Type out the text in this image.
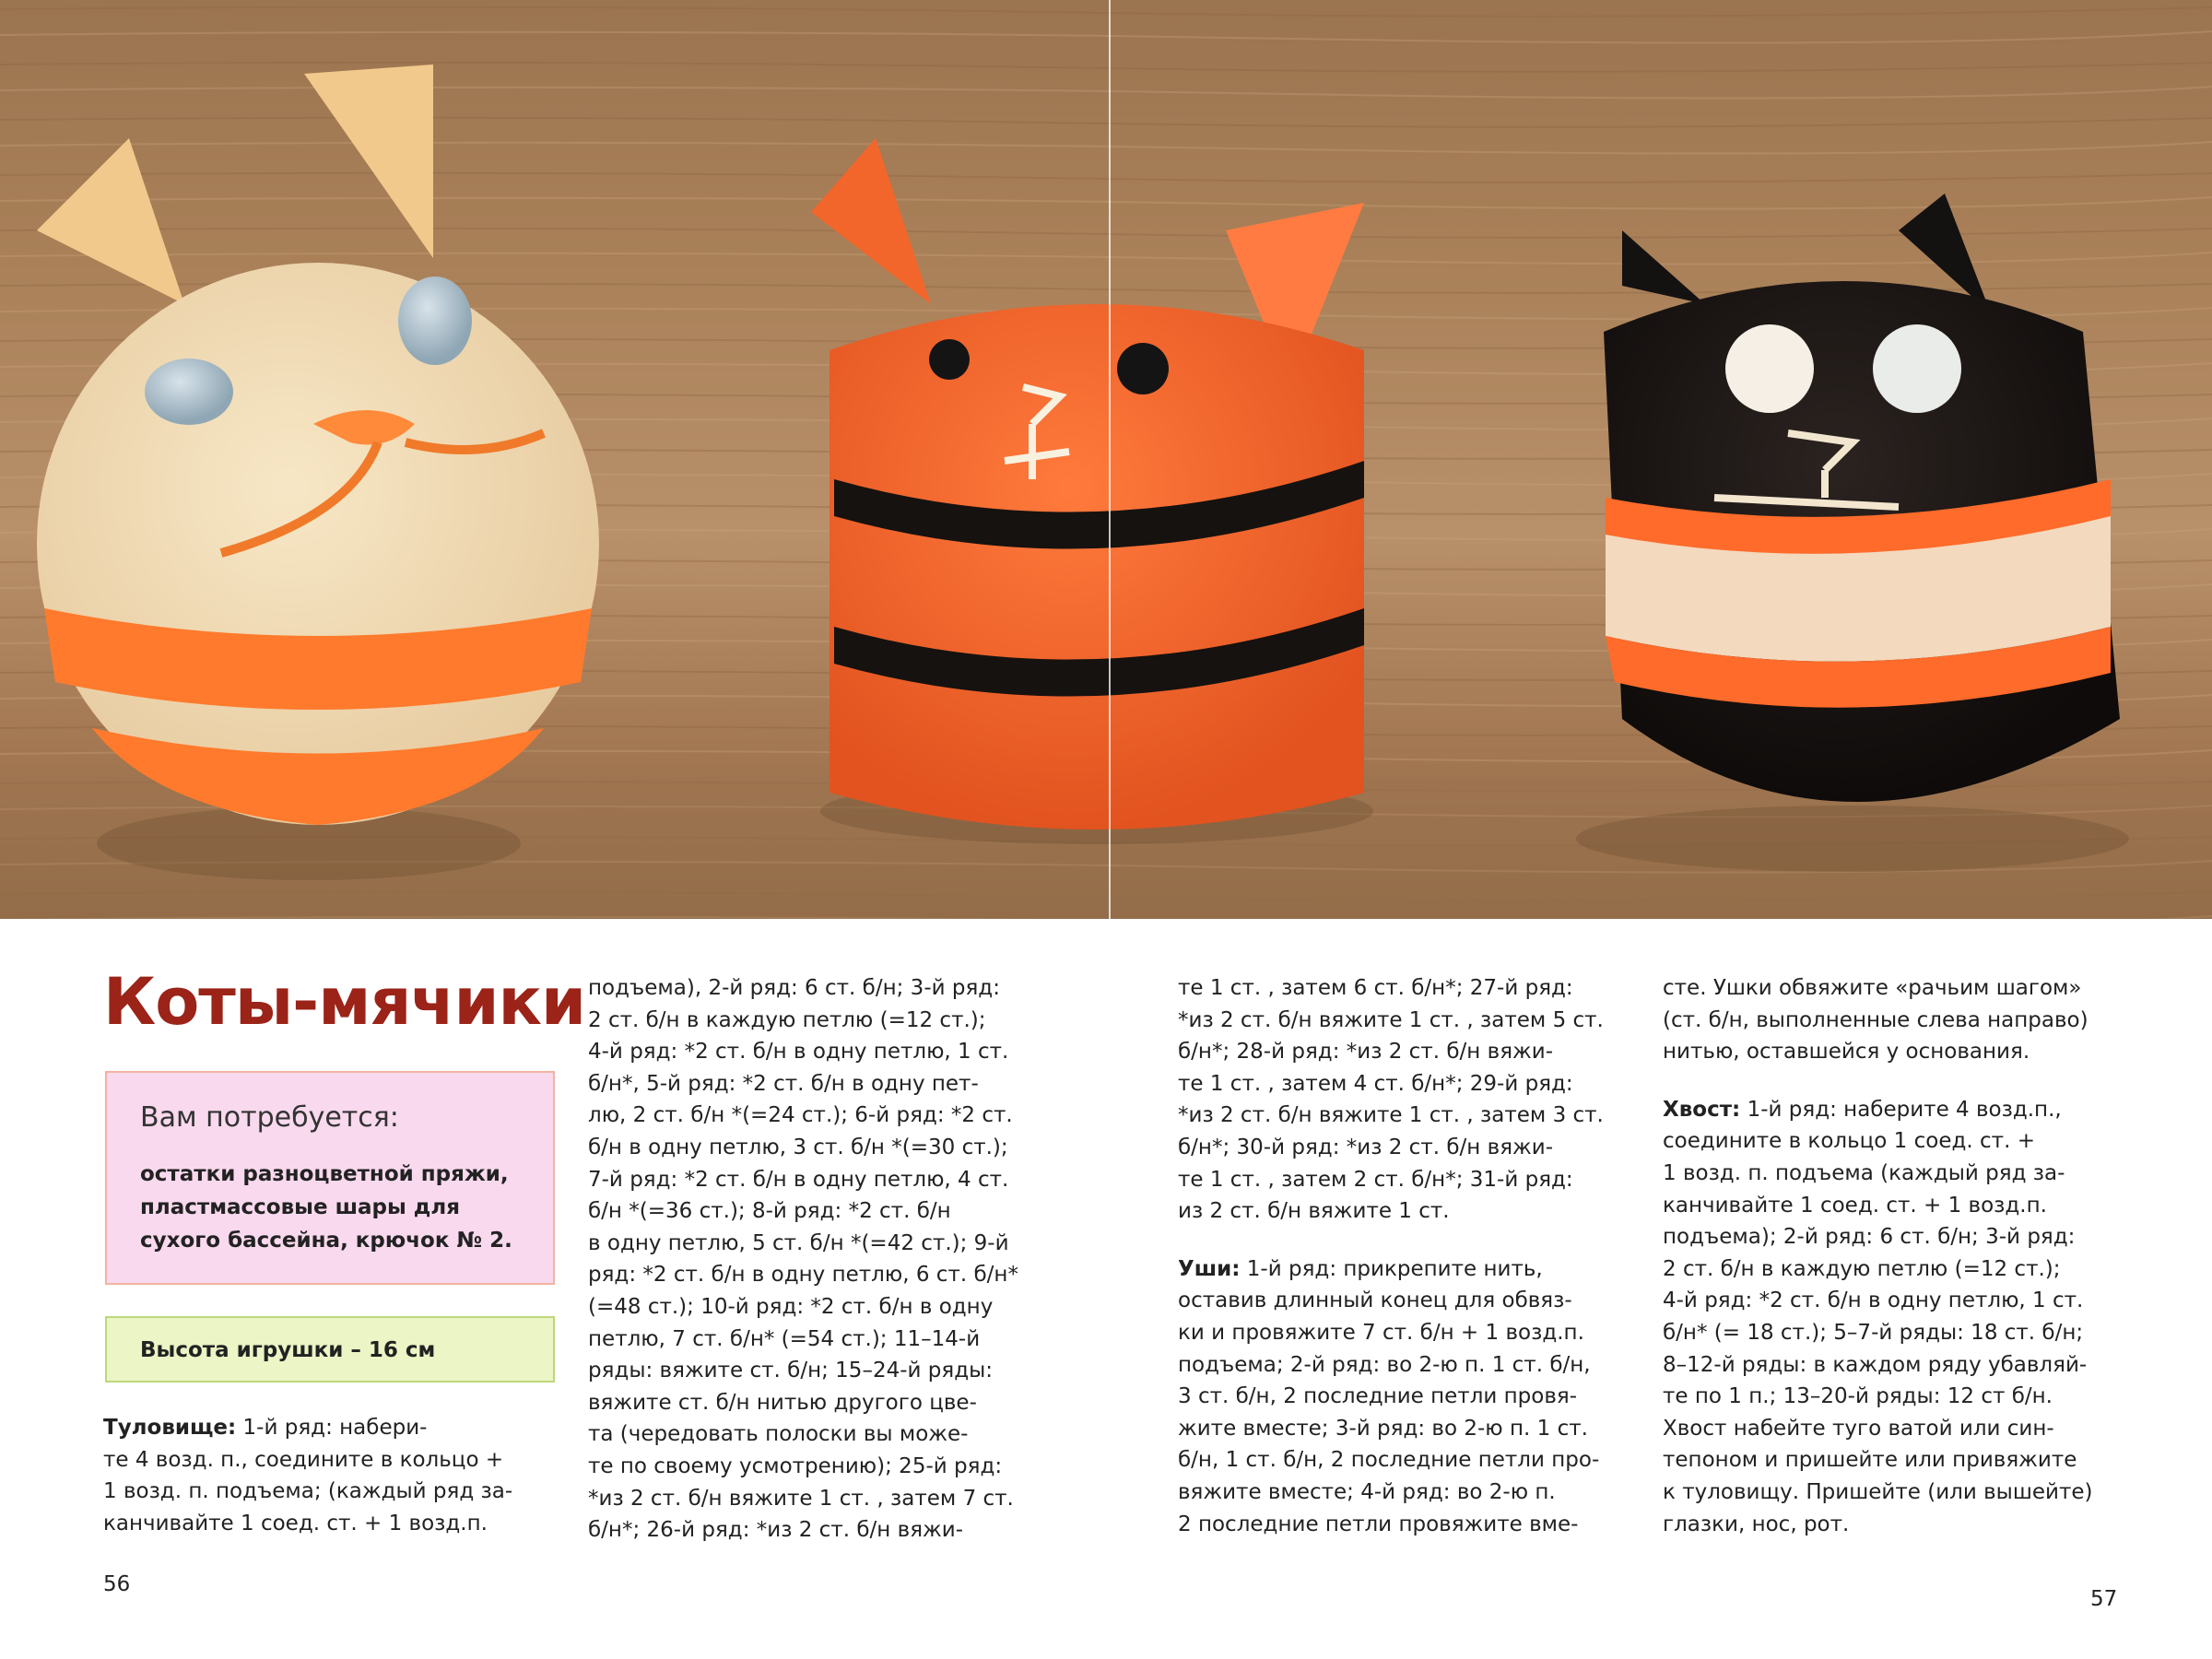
Коты-мячики
Вам потребуется:
остатки разноцветной пряжи,
пластмассовые шары для
сухого бассейна, крючок № 2.
Высота игрушки – 16 см

Туловище: 1-й ряд: набери-

те 4 возд. п., соедините в кольцо +

1 возд. п. подъема; (каждый ряд за-

канчивайте 1 соед. ст. + 1 возд.п.

подъема), 2-й ряд: 6 ст. б/н; 3-й ряд:

2 ст. б/н в каждую петлю (=12 ст.);

4-й ряд: *2 ст. б/н в одну петлю, 1 ст.

б/н*, 5-й ряд: *2 ст. б/н в одну пет-

лю, 2 ст. б/н *(=24 ст.); 6-й ряд: *2 ст.

б/н в одну петлю, 3 ст. б/н *(=30 ст.);

7-й ряд: *2 ст. б/н в одну петлю, 4 ст.

б/н *(=36 ст.); 8-й ряд: *2 ст. б/н

в одну петлю, 5 ст. б/н *(=42 ст.); 9-й

ряд: *2 ст. б/н в одну петлю, 6 ст. б/н*

(=48 ст.); 10-й ряд: *2 ст. б/н в одну

петлю, 7 ст. б/н* (=54 ст.); 11–14-й

ряды: вяжите ст. б/н; 15–24-й ряды:

вяжите ст. б/н нитью другого цве-

та (чередовать полоски вы може-

те по своему усмотрению); 25-й ряд:

*из 2 ст. б/н вяжите 1 ст. , затем 7 ст.

б/н*; 26-й ряд: *из 2 ст. б/н вяжи-

те 1 ст. , затем 6 ст. б/н*; 27-й ряд:

*из 2 ст. б/н вяжите 1 ст. , затем 5 ст.

б/н*; 28-й ряд: *из 2 ст. б/н вяжи-

те 1 ст. , затем 4 ст. б/н*; 29-й ряд:

*из 2 ст. б/н вяжите 1 ст. , затем 3 ст.

б/н*; 30-й ряд: *из 2 ст. б/н вяжи-

те 1 ст. , затем 2 ст. б/н*; 31-й ряд:

из 2 ст. б/н вяжите 1 ст.

Уши: 1-й ряд: прикрепите нить,

оставив длинный конец для обвяз-

ки и провяжите 7 ст. б/н + 1 возд.п.

подъема; 2-й ряд: во 2-ю п. 1 ст. б/н,

3 ст. б/н, 2 последние петли провя-

жите вместе; 3-й ряд: во 2-ю п. 1 ст.

б/н, 1 ст. б/н, 2 последние петли про-

вяжите вместе; 4-й ряд: во 2-ю п.

2 последние петли провяжите вме-

сте. Ушки обвяжите «рачьим шагом»

(ст. б/н, выполненные слева направо)

нитью, оставшейся у основания.

Хвост: 1-й ряд: наберите 4 возд.п.,

соедините в кольцо 1 соед. ст. +

1 возд. п. подъема (каждый ряд за-

канчивайте 1 соед. ст. + 1 возд.п.

подъема); 2-й ряд: 6 ст. б/н; 3-й ряд:

2 ст. б/н в каждую петлю (=12 ст.);

4-й ряд: *2 ст. б/н в одну петлю, 1 ст.

б/н* (= 18 ст.); 5–7-й ряды: 18 ст. б/н;

8–12-й ряды: в каждом ряду убавляй-

те по 1 п.; 13–20-й ряды: 12 ст б/н.

Хвост набейте туго ватой или син-

тепоном и пришейте или привяжите

к туловищу. Пришейте (или вышейте)

глазки, нос, рот.

56
57
